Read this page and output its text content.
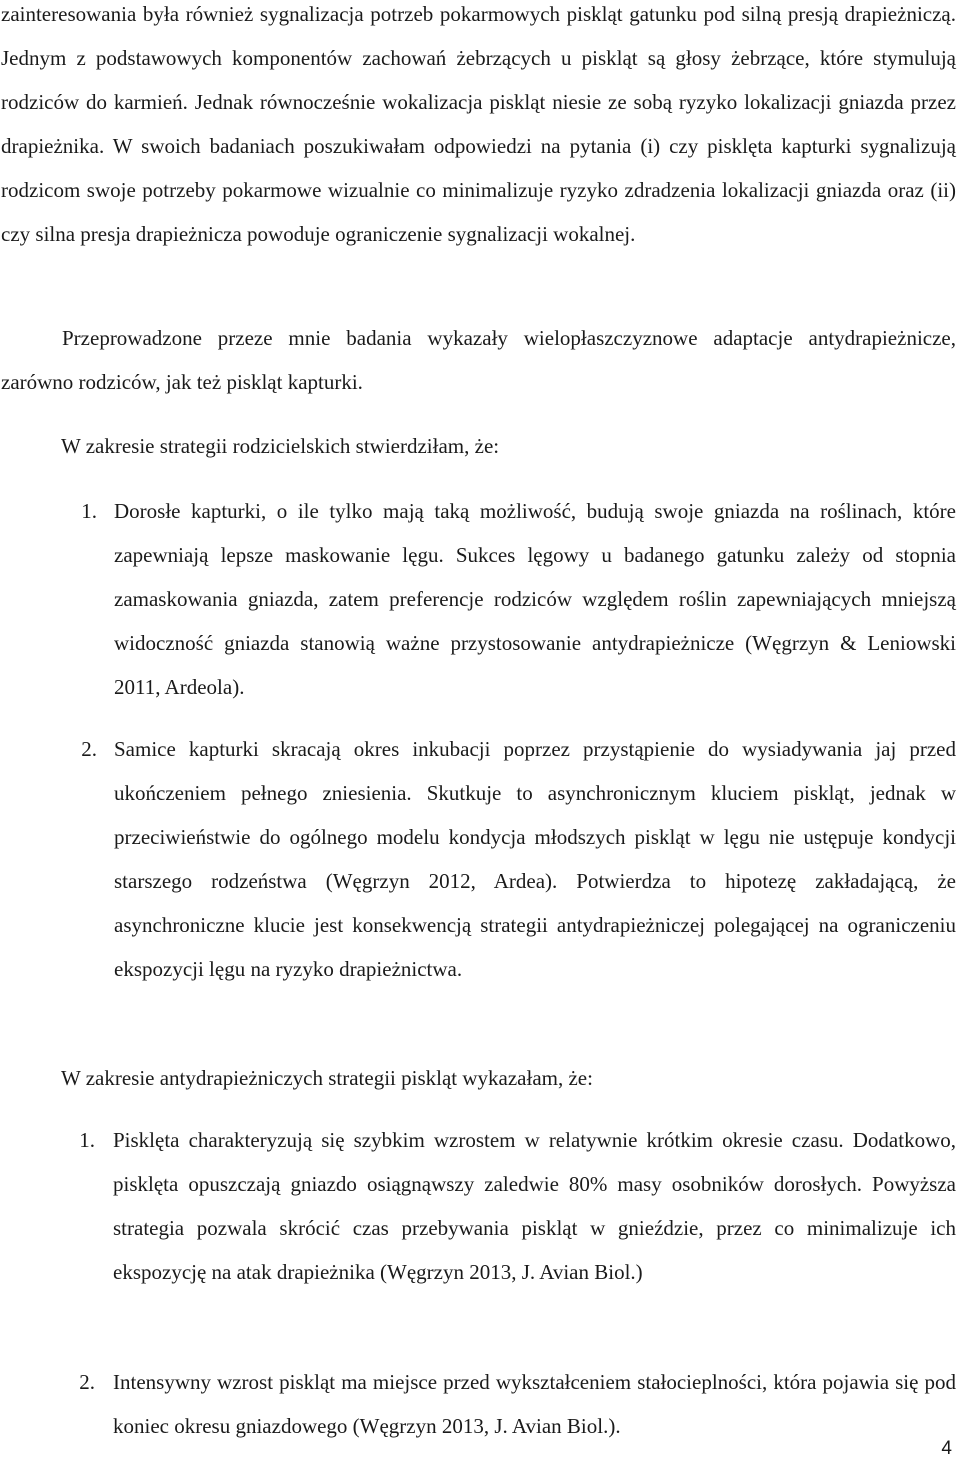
zainteresowania była również sygnalizacja potrzeb pokarmowych piskląt gatunku pod silną presją drapieżniczą. Jednym z podstawowych komponentów zachowań żebrzących u piskląt są głosy żebrzące, które stymulują rodziców do karmień. Jednak równocześnie wokalizacja piskląt niesie ze sobą ryzyko lokalizacji gniazda przez drapieżnika. W swoich badaniach poszukiwałam odpowiedzi na pytania (i) czy pisklęta kapturki sygnalizują rodzicom swoje potrzeby pokarmowe wizualnie co minimalizuje ryzyko zdradzenia lokalizacji gniazda oraz (ii) czy silna presja drapieżnicza powoduje ograniczenie sygnalizacji wokalnej.

Przeprowadzone przeze mnie badania wykazały wielopłaszczyznowe adaptacje antydrapieżnicze, zarówno rodziców, jak też piskląt kapturki.

W zakresie strategii rodzicielskich stwierdziłam, że:

1. Dorosłe kapturki, o ile tylko mają taką możliwość, budują swoje gniazda na roślinach, które zapewniają lepsze maskowanie lęgu. Sukces lęgowy u badanego gatunku zależy od stopnia zamaskowania gniazda, zatem preferencje rodziców względem roślin zapewniających mniejszą widoczność gniazda stanowią ważne przystosowanie antydrapieżnicze (Węgrzyn & Leniowski 2011, Ardeola).

2. Samice kapturki skracają okres inkubacji poprzez przystąpienie do wysiadywania jaj przed ukończeniem pełnego zniesienia. Skutkuje to asynchronicznym kluciem piskląt, jednak w przeciwieństwie do ogólnego modelu kondycja młodszych piskląt w lęgu nie ustępuje kondycji starszego rodzeństwa (Węgrzyn 2012, Ardea). Potwierdza to hipotezę zakładającą, że asynchroniczne klucie jest konsekwencją strategii antydrapieżniczej polegającej na ograniczeniu ekspozycji lęgu na ryzyko drapieżnictwa.

W zakresie antydrapieżniczych strategii piskląt wykazałam, że:

1. Pisklęta charakteryzują się szybkim wzrostem w relatywnie krótkim okresie czasu. Dodatkowo, pisklęta opuszczają gniazdo osiągnąwszy zaledwie 80% masy osobników dorosłych. Powyższa strategia pozwala skrócić czas przebywania piskląt w gnieździe, przez co minimalizuje ich ekspozycję na atak drapieżnika (Węgrzyn 2013, J. Avian Biol.)

2. Intensywny wzrost piskląt ma miejsce przed wykształceniem stałocieplności, która pojawia się pod koniec okresu gniazdowego (Węgrzyn 2013, J. Avian Biol.).

4
